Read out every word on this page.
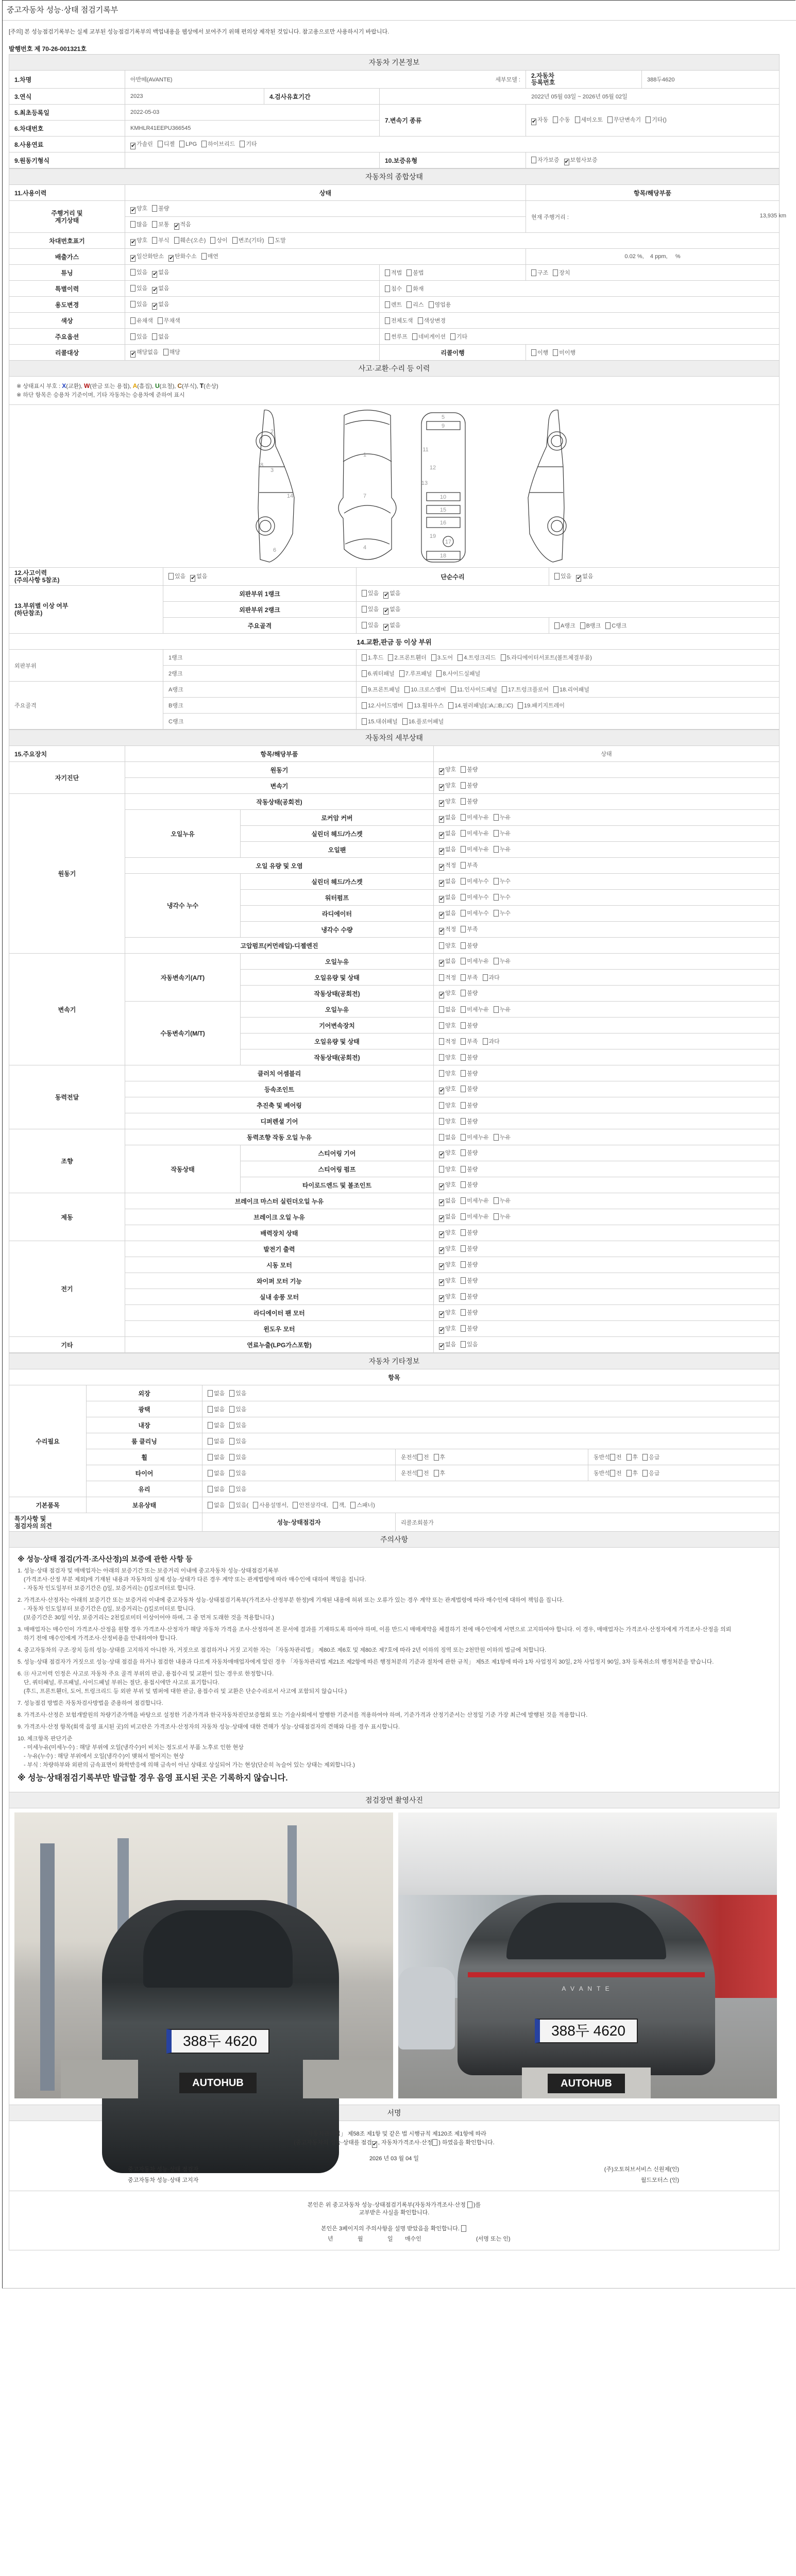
중고자동차 성능·상태 점검기록부
[주의] 본 성능점검기록부는 실제 교부된 성능점검기록부의 백업내용을 웹상에서 보여주기 위해 편의상 제작된 것입니다. 참고용으로만 사용하시기 바랍니다.
발행번호 제 70-26-001321호
자동차 기본정보					
1.차명	아반떼(AVANTE) 세부모델 :			2.자동차
등록번호	388두4620
3.연식	2023	4.검사유효기간	2022년 05월 03일 ~ 2026년 05월 02일		
5.최초등록일	2022-05-03		7.변속기 종류	✔자동 수동 세미오토 무단변속기 기타()
6.차대번호	KMHLR41EEPU366545				
8.사용연료	✔가솔린 디젤 LPG 하이브리드 기타
9.원동기형식			10.보증유형	자가보증 ✔ 보험사보증
자동차의 종합상태			
11.사용이력	상태		항목/해당부품
주행거리 및
계기상태	✔양호 불량		현재 주행거리 : 13,935 km

	많음 보통 ✔ 적음
차대번호표기	✔양호 부식 훼손(오손) 상이 변조(기타) 도말
배출가스	✔일산화탄소 ✔ 탄화수소 매연		0.02 %,    4 ppm,     %
튜닝	있음 ✔ 없음	적법 불법	구조 장치
특별이력	있음 ✔ 없음	침수 화재	
용도변경	있음 ✔ 없음	렌트 리스 영업용	
색상	유채색 무채색	전체도색 색상변경	
주요옵션	있음 없음	썬루프 네비게이션 기타	
리콜대상	✔해당없음 해당	리콜이행	이행 미이행
사고·교환·수리 등 이력			
※ 상태표시 부호 : X(교환), W(판금 또는 용접), A(흠집), U(요철), C(부식), T(손상)
※ 하단 항목은 승용차 기준이며, 기타 자동차는 승용차에 준하여 표시
1
2
3
4
5
6
7
8
9
10
11
12
13
14
15
16
17
18
19
12.사고이력
(주의사항 5참조)	있음 ✔ 없음	단순수리	있음 ✔ 없음
13.부위별 이상 여부
(하단참조)	외판부위 1랭크	있음 ✔ 없음
	외판부위 2랭크	있음 ✔ 없음
	주요골격	있음 ✔ 없음	A랭크 B랭크 C랭크
14.교환,판금 등 이상 부위			
외판부위	1랭크	1.후드 2.프론트휀더 3.도어 4.트렁크리드 5.라디에이터서포트(볼트체결부품)	
	2랭크	6.쿼터패널 7.루프패널 8.사이드실패널	
주요골격	A랭크	9.프론트패널 10.크로스멤버 11.인사이드패널 17.트렁크플로어 18.리어패널	
	B랭크	12.사이드멤버 13.휠하우스 14.필러패널(□A,□B,□C) 19.패키지트레이	
	C랭크	15.대쉬패널 16.플로어패널	
자동차의 세부상태			
15.주요장치	항목/해당부품		상태
자기진단	원동기	✔양호 불량
	변속기	✔양호 불량
원동기	작동상태(공회전)	✔양호 불량
	오일누유	로커암 커버	✔없음 미세누유 누유
		실린더 헤드/가스켓	✔없음 미세누유 누유
		오일팬	✔없음 미세누유 누유
	오일 유량 및 오염	✔적정 부족
	냉각수 누수	실린더 헤드/가스켓	✔없음 미세누수 누수
		워터펌프	✔없음 미세누수 누수
		라디에이터	✔없음 미세누수 누수
		냉각수 수량	✔적정 부족
	고압펌프(커먼레일)-디젤엔진		양호 불량
변속기	자동변속기(A/T)	오일누유	✔없음 미세누유 누유
		오일유량 및 상태	적정 부족 과다
		작동상태(공회전)	✔양호 불량
	수동변속기(M/T)	오일누유	없음 미세누유 누유
		기어변속장치	양호 불량
		오일유량 및 상태	적정 부족 과다
		작동상태(공회전)	양호 불량
동력전달	클러치 어셈블리		양호 불량
	등속조인트	✔양호 불량
	추진축 및 베어링		양호 불량
	디퍼렌셜 기어		양호 불량
조향	동력조향 작동 오일 누유		없음 미세누유 누유
	작동상태	스티어링 기어	✔양호 불량
		스티어링 펌프	양호 불량
		타이로드엔드 및 볼조인트	✔양호 불량
제동	브레이크 마스터 실린더오일 누유	✔없음 미세누유 누유
	브레이크 오일 누유	✔없음 미세누유 누유
	배력장치 상태	✔양호 불량
전기	발전기 출력	✔양호 불량
	시동 모터	✔양호 불량
	와이퍼 모터 기능	✔양호 불량
	실내 송풍 모터	✔양호 불량
	라디에이터 팬 모터	✔양호 불량
	윈도우 모터	✔양호 불량
기타	연료누출(LPG가스포함)	✔없음 있음
자동차 기타정보				
항목				
수리필요	외장	없음 있음		
	광택	없음 있음		
	내장	없음 있음		
	룸 클리닝	없음 있음		
	휠	없음 있음	운전석 전 후	동반석 전 후 응급
	타이어	없음 있음	운전석 전 후	동반석 전 후 응급
	유리	없음 있음		
기본품목	보유상태	없음 있음( 사용설명서, 안전삼각대, 잭, 스패너)		
특기사항 및
점검자의 의견		성능·상태점검자	리콜조회불가	
주의사항				
※ 성능·상태 점검(가격·조사산정)의 보증에 관한 사항 등
1. 성능·상태 점검자 및 매매업자는 아래의 보증기간 또는 보증거리 이내에 중고자동차 성능·상태점검기록부
(가격조사·산정 부분 제외)에 기재된 내용과 자동차의 실제 성능·상태가 다른 경우 계약 또는 관계법령에 따라 매수인에 대하여 책임을 집니다.
- 자동차 인도일부터 보증기간은 ()일, 보증거리는 ()킬로미터로 합니다.
2. 가격조사·산정자는 아래의 보증기간 또는 보증거리 이내에 중고자동차 성능·상태점검기록부(가격조사·산정부분 한정)에 기재된 내용에 허위 또는 오류가 있는 경우 계약 또는 관계법령에 따라 매수인에 대하여 책임을 집니다.
- 자동차 인도일부터 보증기간은 ()일, 보증거리는 ()킬로미터로 합니다.
(보증기간은 30일 이상, 보증거리는 2천킬로미터 이상이어야 하며, 그 중 먼저 도래한 것을 적용합니다.)
3. 매매업자는 매수인이 가격조사·산정을 원할 경우 가격조사·산정자가 해당 자동차 가격을 조사·산정하여 본 문서에 결과를 기재하도록 하여야 하며, 이를 반드시 매매계약을 체결하기 전에 매수인에게 서면으로 고지하여야 합니다. 이 경우, 매매업자는 가격조사·산정자에게 가격조사·산정을 의뢰
하기 전에 매수인에게 가격조사·산정비용을 안내하여야 합니다.
4. 중고자동차의 구조·장치 등의 성능·상태를 고지하지 아니한 자, 거짓으로 점검하거나 거짓 고지한 자는 「자동차관리법」 제80조 제6호 및 제80조 제7호에 따라 2년 이하의 징역 또는 2천만원 이하의 벌금에 처합니다.
5. 성능·상태 점검자가 거짓으로 성능·상태 점검을 하거나 점검한 내용과 다르게 자동차매매업자에게 알린 경우 「자동차관리법 제21조 제2항에 따른 행정처분의 기준과 절차에 관한 규칙」 제5조 제1항에 따라 1차 사업정지 30일, 2차 사업정지 90일, 3차 등록취소의 행정처분을 받습니다.
6. ⑪ 사고이력 인정은 사고로 자동차 주요 골격 부위의 판금, 용접수리 및 교환이 있는 경우로 한정합니다.
단, 쿼터패널, 루프패널, 사이드패널 부위는 절단, 용접시에만 사고로 표기합니다.
(후드, 프론트휀더, 도어, 트렁크리드 등 외판 부위 및 범퍼에 대한 판금, 용접수리 및 교환은 단순수리로서 사고에 포함되지 않습니다.)
7. 성능점검 방법은 자동차검사방법을 준용하여 점검합니다.
8. 가격조사·산정은 보험개발원의 차량기준가액을 바탕으로 설정한 기준가격과 한국자동차진단보증협회 또는 기술사회에서 발행한 기준서를 적용하여야 하며, 기준가격과 산정기준서는 산정일 기준 가장 최근에 발행된 것을 적용합니다.
9. 가격조사·산정 항목(회색 음영 표시된 곳)의 비고란은 가격조사·산정자의 자동차 성능·상태에 대한 견해가 성능·상태점검자의 견해와 다를 경우 표시합니다.
10. 체크항목 판단기준
- 미세누유(미세누수) : 해당 부위에 오일(냉각수)이 비치는 정도로서 부품 노후로 인한 현상
- 누유(누수) : 해당 부위에서 오일(냉각수)이 맺혀서 떨어지는 현상
- 부식 : 차량하부와 외판의 금속표면이 화학반응에 의해 금속이 아닌 상태로 상실되어 가는 현상(단순히 녹슬어 있는 상태는 제외합니다.)
※ 성능·상태점검기록부만 발급할 경우 음영 표시된 곳은 기록하지 않습니다.
점검장면 촬영사진
388두 4620
AUTOHUB
A V A N T E
388두 4620
AUTOHUB
서명
「자동차관리법」 제58조 제1항 및 같은 법 시행규칙 제120조 제1항에 따라
(중고자동차의 성능·상태를 점검 ✔ , 자동차가격조사·산정 ) 하였음을 확인합니다.
2026 년 03 월 04 일
중고자동차 성능·상태 점검자	(주)오토허브서비스 신원제(인)
중고자동차 성능·상태 고지자	월드모터스 (인)
본인은 위 중고자동차 성능·상태점검기록부(자동차가격조사·산정 )를
교부받은 사실을 확인합니다.
본인은 3페이지의 주의사항을 설명 받았음을 확인합니다.
년	월	일 매수인	(서명 또는 인)
